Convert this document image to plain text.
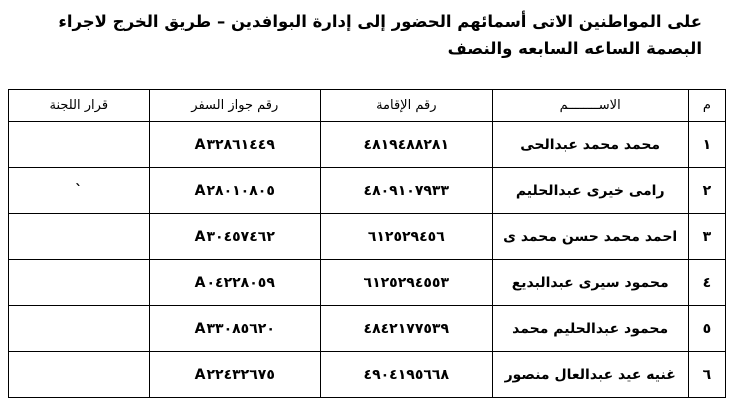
على المواطنين الاتى أسمائهم الحضور إلى إدارة البوافدين – طريق الخرج لاجراء
البصمة الساعه السابعه والنصف
م	الاســــــــم	رقم الإقامة	رقم جواز السفر	قرار اللجنة
١	محمد محمد عبدالحى	٤٨١٩٤٨٨٢٨١	A٣٢٨٦١٤٤٩	
٢	رامى خيرى عبدالحليم	٤٨٠٩١٠٧٩٣٣	A٢٨٠١٠٨٠٥	`
٣	احمد محمد حسن محمد ى	٦١٢٥٢٩٤٥٦	A٣٠٤٥٧٤٦٢	
٤	محمود سيرى عبدالبديع	٦١٢٥٢٩٤٥٥٣	A٠٤٢٢٨٠٥٩	
٥	محمود عبدالحليم محمد	٤٨٤٢١٧٧٥٣٩	A٣٣٠٨٥٦٢٠	
٦	غنيه عيد عبدالعال منصور	٤٩٠٤١٩٥٦٦٨	A٢٢٤٣٢٦٧٥	
